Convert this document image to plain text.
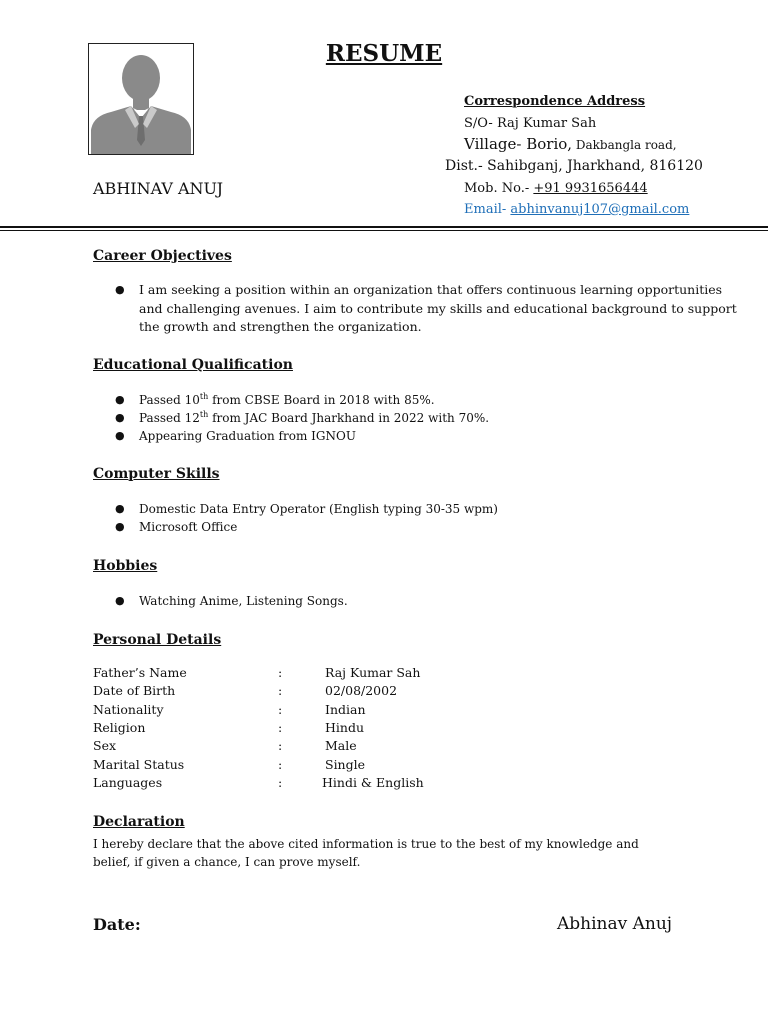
RESUME
ABHINAV ANUJ
Correspondence Address
S/O- Raj Kumar Sah
Village- Borio, Dakbangla road,
Dist.- Sahibganj, Jharkhand, 816120
Mob. No.- +91 9931656444
Email- abhinvanuj107@gmail.com
Career Objectives
● I am seeking a position within an organization that offers continuous learning opportunities and challenging avenues. I aim to contribute my skills and educational background to support the growth and strengthen the organization.
Educational Qualification
● Passed 10th from CBSE Board in 2018 with 85%.
● Passed 12th from JAC Board Jharkhand in 2022 with 70%.
● Appearing Graduation from IGNOU
Computer Skills
● Domestic Data Entry Operator (English typing 30-35 wpm)
● Microsoft Office
Hobbies
● Watching Anime, Listening Songs.
Personal Details
Father’s Name	:	Raj Kumar Sah
Date of Birth	:	02/08/2002
Nationality	:	Indian
Religion	:	Hindu
Sex	:	Male
Marital Status	:	Single
Languages	:	Hindi & English
Declaration
I hereby declare that the above cited information is true to the best of my knowledge and belief, if given a chance, I can prove myself.
Date:	Abhinav Anuj
